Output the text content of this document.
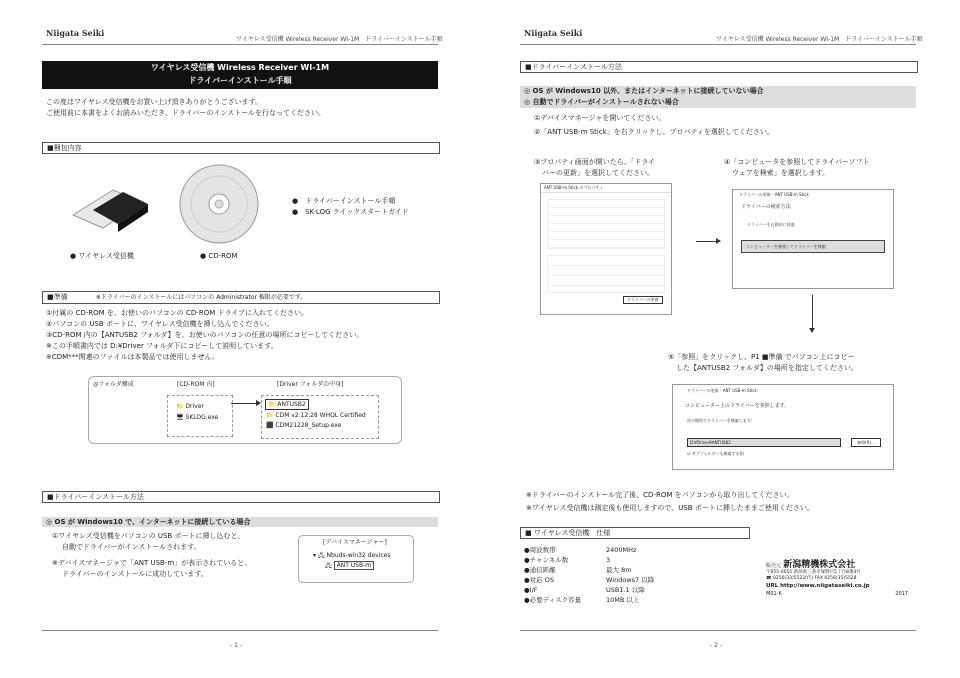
Niigata Seiki
ワイヤレス受信機 Wireless Receiver WI-1M　ドライバーインストール手順
ワイヤレス受信機 Wireless Receiver WI-1M
ドライバーインストール手順
この度はワイヤレス受信機をお買い上げ頂きありがとうございます。
ご使用前に本書をよくお読みいただき、ドライバーのインストールを行なってください。
■梱包内容
● ワイヤレス受信機	● CD-ROM
●　ドライバーインストール手順
●　SK-LOG クイックスタートガイド
■準備	※ドライバーのインストールにはパソコンの Administrator 権限が必要です。
①付属の CD-ROM を、お使いのパソコンの CD-ROM ドライブに入れてください。
②パソコンの USB ポートに、ワイヤレス受信機を挿し込んでください。
③CD-ROM 内の【ANTUSB2 フォルダ】を、お使いのパソコンの任意の場所にコピーしてください。
※この手順書内では D:¥Driver フォルダ下にコピーして説明しています。
※CDM***関連のファイルは本製品では使用しません。
◎フォルダ構成	[CD-ROM 内]	[Driver フォルダの中身]
📁 Driver
🖥 SKLOG.exe
📁 ANTUSB2
📁 CDM v2.12.28 WHQL Certified
⬛ CDM21228_Setup.exe
■ドライバーインストール方法
◎ OS が Windows10 で、インターネットに接続している場合
①ワイヤレス受信機をパソコンの USB ポートに挿し込むと、
自動でドライバーがインストールされます。
※デバイスマネージャで「ANT USB-m」が表示されていると、
ドライバーのインストールに成功しています。
[デバイスマネージャー]
▾ 🖧 Nbuds-win32 devices
🖧 ANT USB-m
- 1 -
Niigata Seiki
ワイヤレス受信機 Wireless Receiver WI-1M　ドライバーインストール手順
■ドライバーインストール方法
◎ OS が Windows10 以外、またはインターネットに接続していない場合
◎ 自動でドライバーがインストールされない場合
①デバイスマネージャを開いてください。
②「ANT USB-m Stick」を右クリックし、プロパティを選択してください。
③プロパティ画面が開いたら、「ドライ
バーの更新」を選択してください。
④「コンピュータを参照してドライバーソフト
ウェアを検索」を選択します。
ANT USB-m Stick のプロパティ
ドライバーの更新
ドライバーの更新 - ANT USB-m Stick
ドライバーの検索方法
ドライバーを自動的に検索
コンピューターを参照してドライバーを検索
⑤「参照」をクリックし、P1 ■準備 でパソコン上にコピー
した【ANTUSB2 フォルダ】の場所を指定してください。
ドライバーの更新 - ANT USB-m Stick
コンピューター上のドライバーを参照します。
次の場所でドライバーを検索します:
D:¥Driver¥ANTUSB2	参照(R)...
☑ サブフォルダーも検索する(I)
※ドライバーのインストール完了後、CD-ROM をパソコンから取り出してください。
※ワイヤレス受信機は測定後も使用しますので、USB ポートに挿したままご使用ください。
■ ワイヤレス受信機　仕様
●周波数帯	2400MHz
●チャンネル数	3
●通信距離	最大 8m
●対応 OS	Windows7 以降
●I/F	USB1.1 以降
●必要ディスク容量	10MB 以上
販売元 新潟精機株式会社
〒955-0055 新潟県三条市塚野目5丁目8番4号
☎ 0256(33)5522(代) FAX 0256(35)5528
URL http://www.niigataseiki.co.jp
M01-K	2017
- 2 -
